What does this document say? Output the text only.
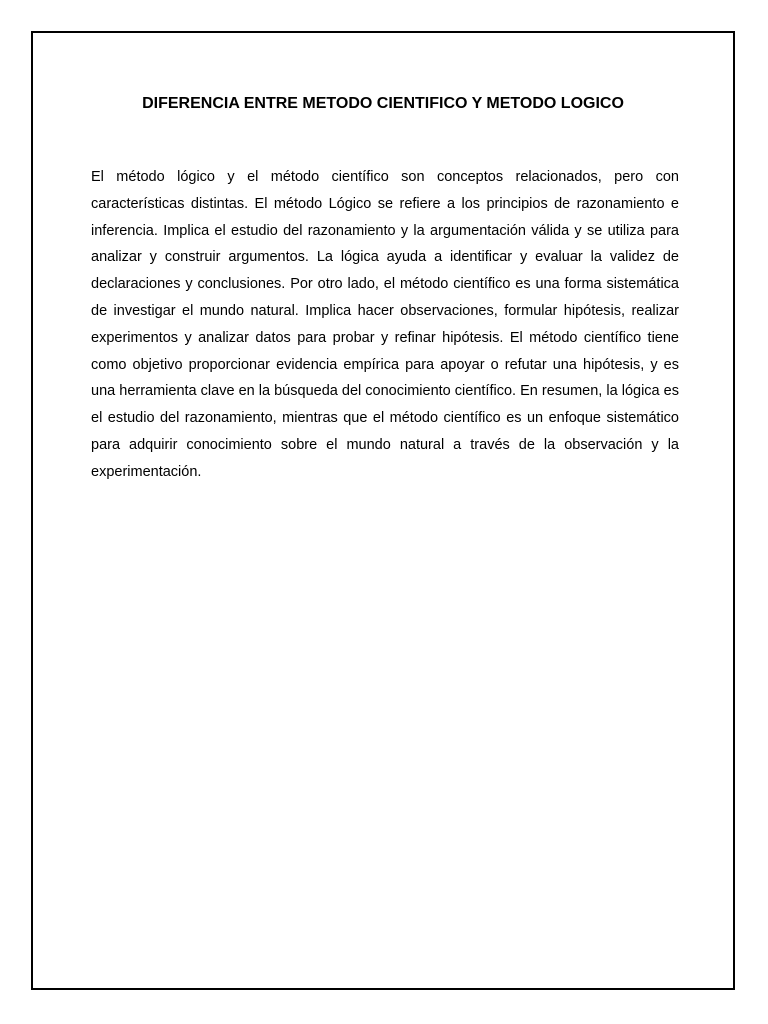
DIFERENCIA ENTRE METODO CIENTIFICO Y METODO LOGICO

El método lógico y el método científico son conceptos relacionados, pero con características distintas. El método Lógico se refiere a los principios de razonamiento e inferencia. Implica el estudio del razonamiento y la argumentación válida y se utiliza para analizar y construir argumentos. La lógica ayuda a identificar y evaluar la validez de declaraciones y conclusiones. Por otro lado, el método científico es una forma sistemática de investigar el mundo natural. Implica hacer observaciones, formular hipótesis, realizar experimentos y analizar datos para probar y refinar hipótesis. El método científico tiene como objetivo proporcionar evidencia empírica para apoyar o refutar una hipótesis, y es una herramienta clave en la búsqueda del conocimiento científico. En resumen, la lógica es el estudio del razonamiento, mientras que el método científico es un enfoque sistemático para adquirir conocimiento sobre el mundo natural a través de la observación y la experimentación.
